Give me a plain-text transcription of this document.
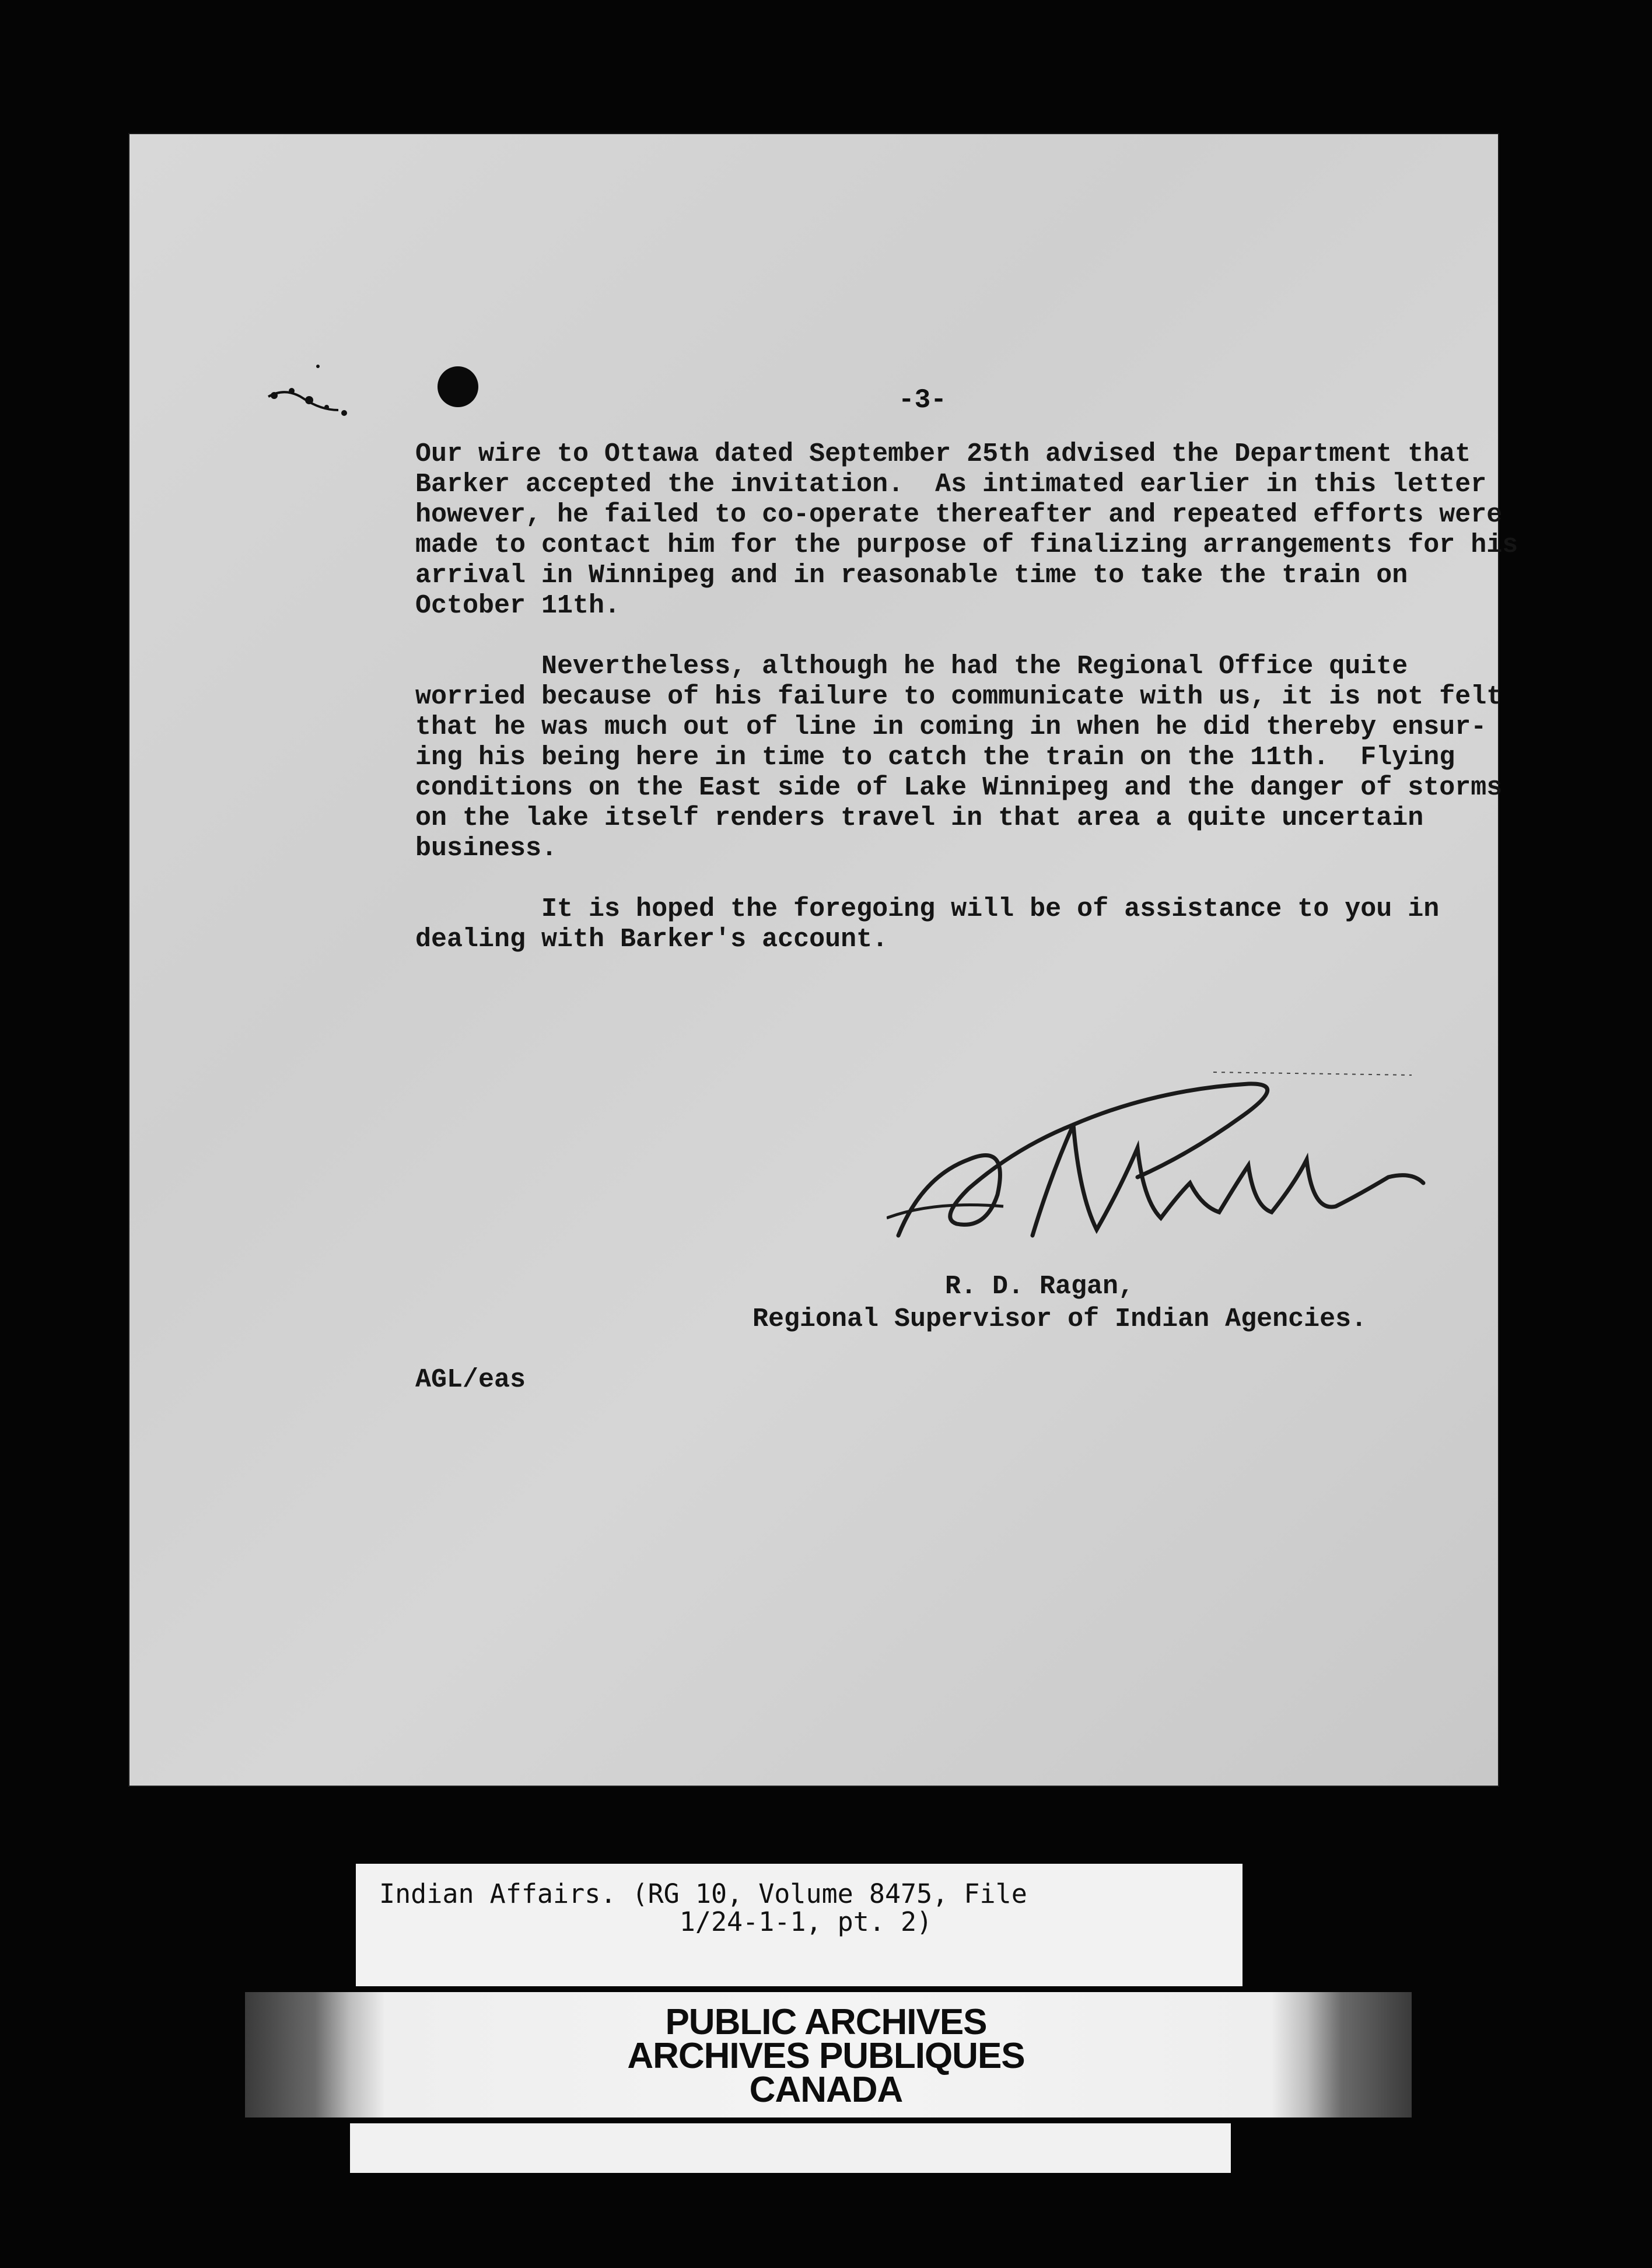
-3-
Our wire to Ottawa dated September 25th advised the Department that
Barker accepted the invitation.  As intimated earlier in this letter
however, he failed to co-operate thereafter and repeated efforts were
made to contact him for the purpose of finalizing arrangements for his
arrival in Winnipeg and in reasonable time to take the train on
October 11th.
Nevertheless, although he had the Regional Office quite
worried because of his failure to communicate with us, it is not felt
that he was much out of line in coming in when he did thereby ensur-
ing his being here in time to catch the train on the 11th.  Flying
conditions on the East side of Lake Winnipeg and the danger of storms
on the lake itself renders travel in that area a quite uncertain
business.
It is hoped the foregoing will be of assistance to you in
dealing with Barker's account.
R. D. Ragan,
Regional Supervisor of Indian Agencies.
AGL/eas
Indian Affairs. (RG 10, Volume 8475, File
1/24-1-1, pt. 2)
PUBLIC ARCHIVES
ARCHIVES PUBLIQUES
CANADA
